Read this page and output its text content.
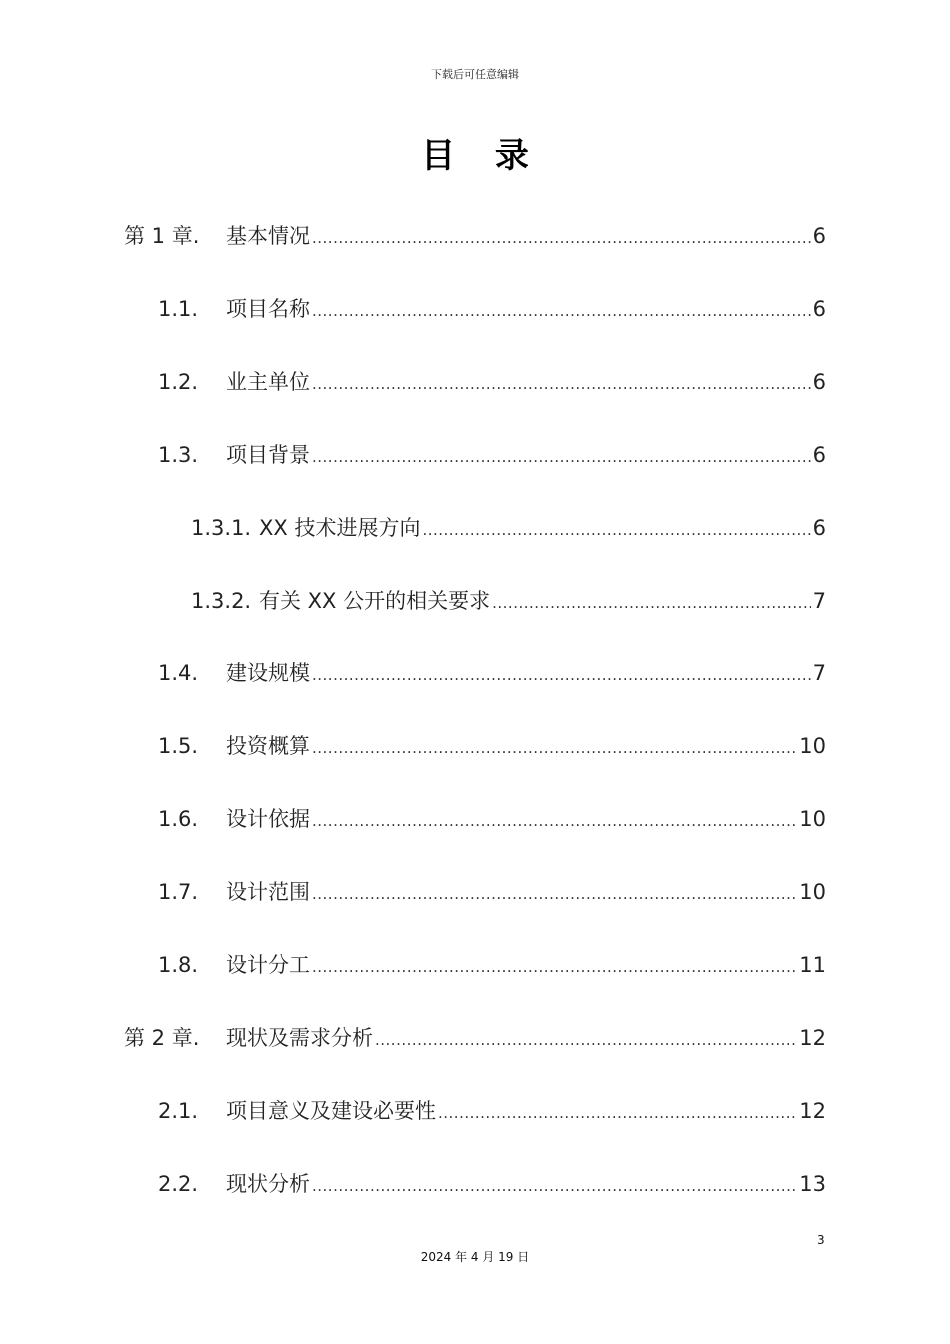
下载后可任意编辑
目 录
第 1 章.	基本情况 .....	6
1.1.	项目名称 .....	6
1.2.	业主单位 .....	6
1.3.	项目背景 .....	6
1.3.1. XX 技术进展方向 .....	6
1.3.2. 有关 XX 公开的相关要求 .....	7
1.4.	建设规模 .....	7
1.5.	投资概算 .....	10
1.6.	设计依据 .....	10
1.7.	设计范围 .....	10
1.8.	设计分工 .....	11
第 2 章.	现状及需求分析 .....	12
2.1.	项目意义及建设必要性 .....	12
2.2.	现状分析 .....	13
3
2024 年 4 月 19 日
